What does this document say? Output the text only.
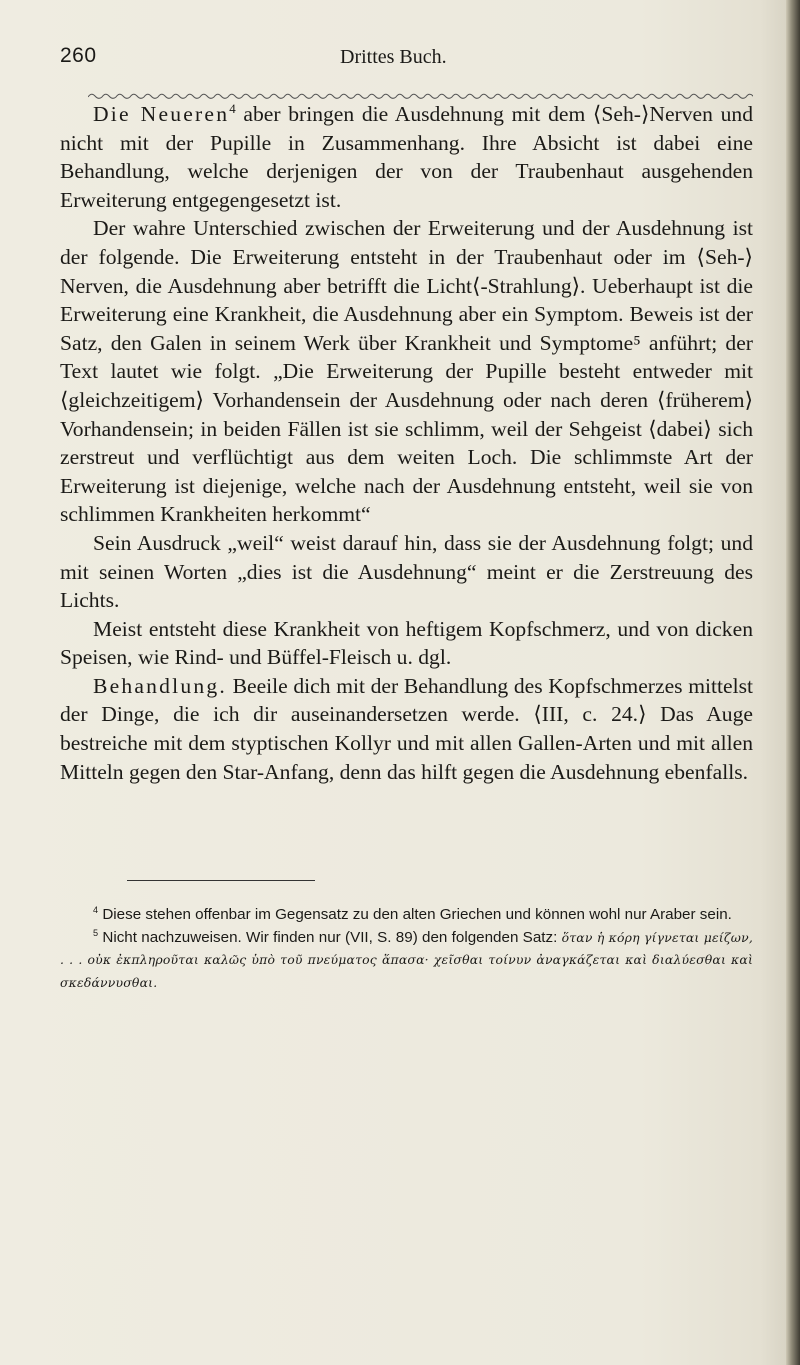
260	Drittes Buch.

Die Neueren$^4$ aber bringen die Ausdehnung mit dem ⟨Seh-⟩Nerven und nicht mit der Pupille in Zusammenhang. Ihre Absicht ist dabei eine Behandlung, welche derjenigen der von der Traubenhaut ausgehenden Erweiterung entgegengesetzt ist.

Der wahre Unterschied zwischen der Erweiterung und der Ausdehnung ist der folgende. Die Erweiterung entsteht in der Traubenhaut oder im ⟨Seh-⟩Nerven, die Ausdehnung aber betrifft die Licht⟨-Strahlung⟩. Ueberhaupt ist die Erweiterung eine Krankheit, die Ausdehnung aber ein Symptom. Beweis ist der Satz, den Galen in seinem Werk über Krankheit und Symptome⁵ anführt; der Text lautet wie folgt. „Die Erweiterung der Pupille besteht entweder mit ⟨gleichzeitigem⟩ Vorhandensein der Ausdehnung oder nach deren ⟨früherem⟩ Vorhandensein; in beiden Fällen ist sie schlimm, weil der Sehgeist ⟨dabei⟩ sich zerstreut und verflüchtigt aus dem weiten Loch. Die schlimmste Art der Erweiterung ist diejenige, welche nach der Ausdehnung entsteht, weil sie von schlimmen Krankheiten herkommt“

Sein Ausdruck „weil“ weist darauf hin, dass sie der Ausdehnung folgt; und mit seinen Worten „dies ist die Ausdehnung“ meint er die Zerstreuung des Lichts.

Meist entsteht diese Krankheit von heftigem Kopfschmerz, und von dicken Speisen, wie Rind- und Büffel-Fleisch u. dgl.

Behandlung. Beeile dich mit der Behandlung des Kopfschmerzes mittelst der Dinge, die ich dir auseinandersetzen werde. ⟨III, c. 24.⟩ Das Auge bestreiche mit dem styptischen Kollyr und mit allen Gallen-Arten und mit allen Mitteln gegen den Star-Anfang, denn das hilft gegen die Ausdehnung ebenfalls.

$^4$ Diese stehen offenbar im Gegensatz zu den alten Griechen und können wohl nur Araber sein.

$^5$ Nicht nachzuweisen. Wir finden nur (VII, S. 89) den folgenden Satz: ὅταν ἡ κόρη γίγνεται μείζων, . . . οὐκ ἐκπληροῦται καλῶς ὑπὸ τοῦ πνεύματος ἅπασα· χεῖσθαι τοίνυν ἀναγκάζεται καὶ διαλύεσθαι καὶ σκεδάννυσθαι.
